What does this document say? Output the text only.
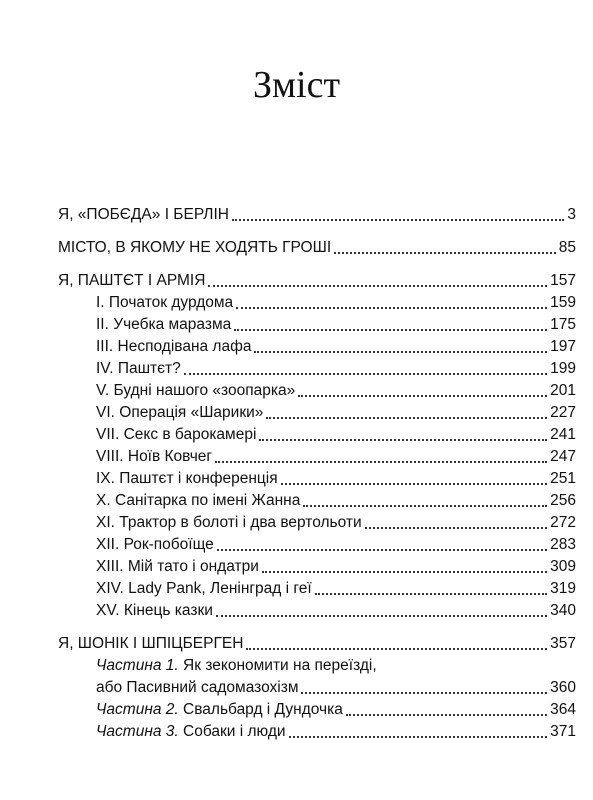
Зміст
Я, «ПОБЄДА» І БЕРЛІН	3
МІСТО, В ЯКОМУ НЕ ХОДЯТЬ ГРОШІ	85
Я, ПАШТЄТ І АРМІЯ	157
I. Початок дурдома	159
II. Учебка маразма	175
III. Несподівана лафа	197
IV. Паштєт?	199
V. Будні нашого «зоопарка»	201
VI. Операція «Шарики»	227
VII. Секс в барокамері	241
VIII. Ноїв Ковчег	247
IX. Паштєт і конференція	251
X. Санітарка по імені Жанна	256
XI. Трактор в болоті і два вертольоти	272
XII. Рок-побоїще	283
XIII. Мій тато і ондатри	309
XIV. Lady Pank, Ленінград і геї	319
XV. Кінець казки	340
Я, ШОНІК І ШПІЦБЕРГЕН	357
Частина 1. Як зекономити на переїзді,
або Пасивний садомазохізм	360
Частина 2.
Свальбард і Дундочка	364
Частина 3.
Собаки і люди	371
